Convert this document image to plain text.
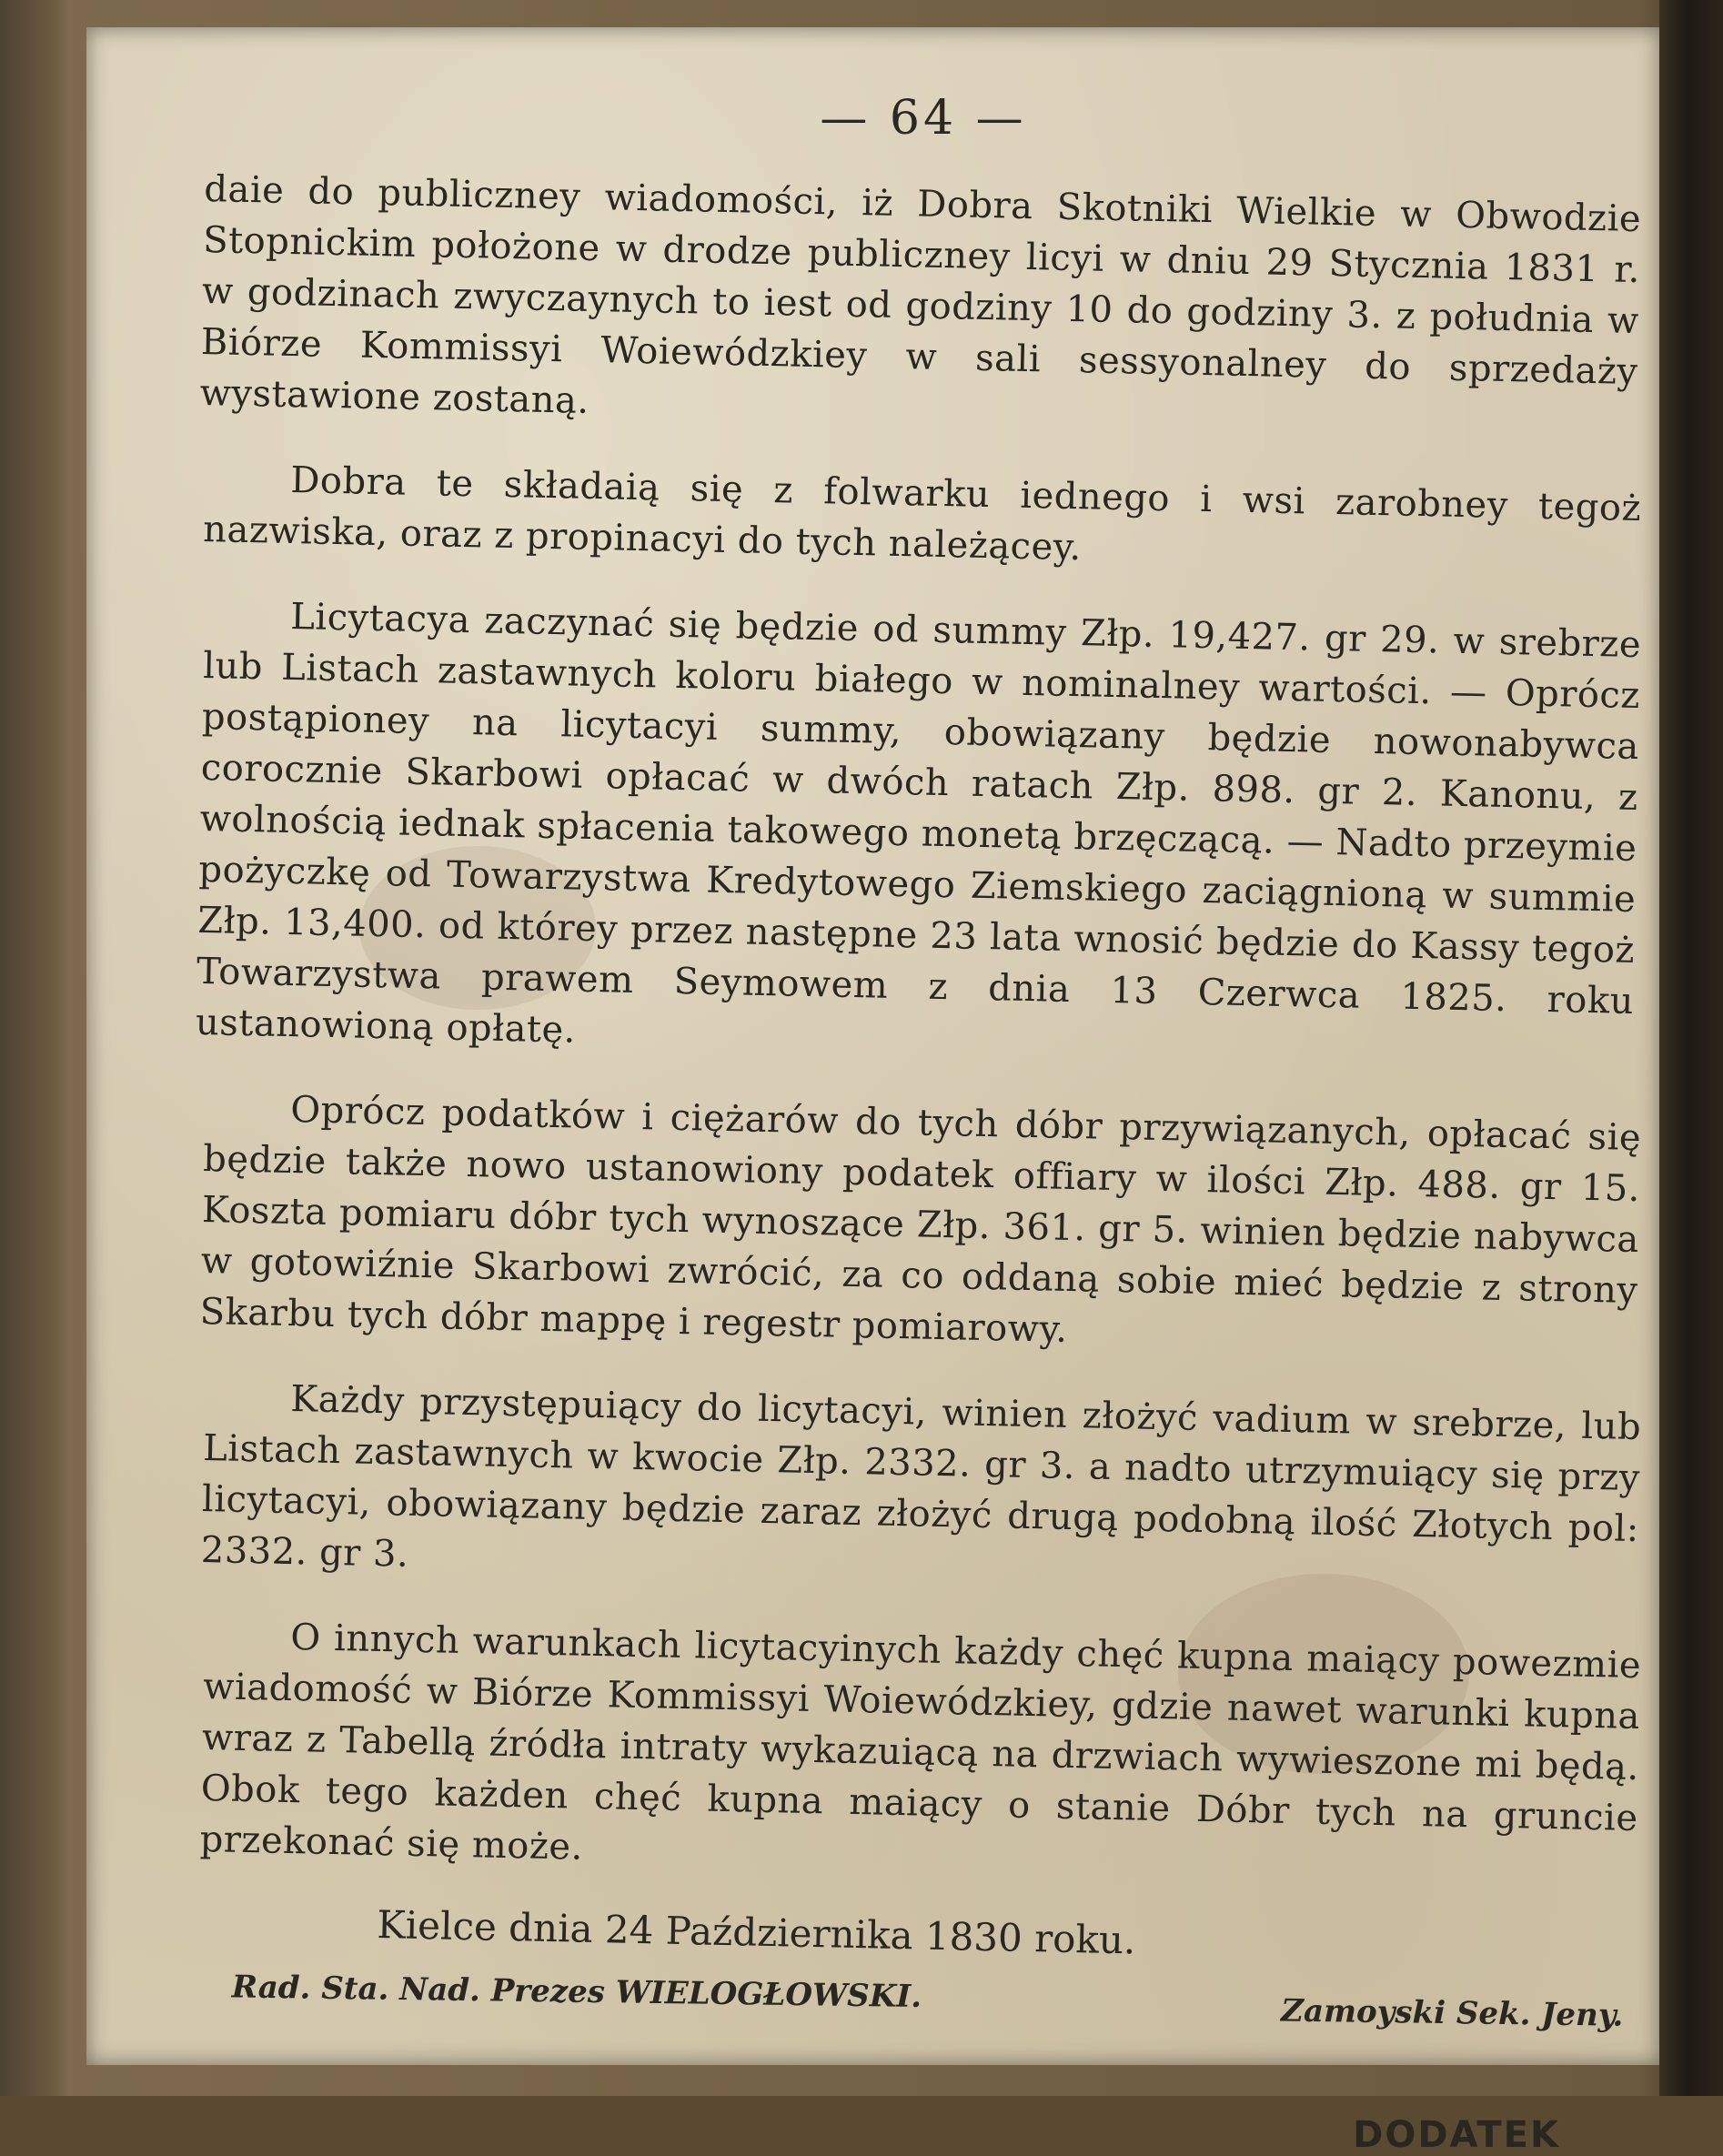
— 64 —

daie do publiczney wiadomości, iż Dobra Skotniki Wielkie w Obwodzie Stopnickim położone w drodze publiczney licyi w dniu 29 Stycznia 1831 r. w godzinach zwyczaynych to iest od godziny 10 do godziny 3. z południa w Biórze Kommissyi Woiewódzkiey w sali sessyonalney do sprzedaży wystawione zostaną.

Dobra te składaią się z folwarku iednego i wsi zarobney tegoż nazwiska, oraz z propinacyi do tych należącey.

Licytacya zaczynać się będzie od summy Złp. 19,427. gr 29. w srebrze lub Listach zastawnych koloru białego w nominalney wartości. — Oprócz postąpioney na licytacyi summy, obowiązany będzie nowonabywca corocznie Skarbowi opłacać w dwóch ratach Złp. 898. gr 2. Kanonu, z wolnością iednak spłacenia takowego monetą brzęczącą. — Nadto przeymie pożyczkę od Towarzystwa Kredytowego Ziemskiego zaciągnioną w summie Złp. 13,400. od którey przez następne 23 lata wnosić będzie do Kassy tegoż Towarzystwa prawem Seymowem z dnia 13 Czerwca 1825. roku ustanowioną opłatę.

Oprócz podatków i ciężarów do tych dóbr przywiązanych, opłacać się będzie także nowo ustanowiony podatek offiary w ilości Złp. 488. gr 15. Koszta pomiaru dóbr tych wynoszące Złp. 361. gr 5. winien będzie nabywca w gotowiźnie Skarbowi zwrócić, za co oddaną sobie mieć będzie z strony Skarbu tych dóbr mappę i regestr pomiarowy.

Każdy przystępuiący do licytacyi, winien złożyć vadium w srebrze, lub Listach zastawnych w kwocie Złp. 2332. gr 3. a nadto utrzymuiący się przy licytacyi, obowiązany będzie zaraz złożyć drugą podobną ilość Złotych pol: 2332. gr 3.

O innych warunkach licytacyinych każdy chęć kupna maiący powezmie wiadomość w Biórze Kommissyi Woiewódzkiey, gdzie nawet warunki kupna wraz z Tabellą źródła intraty wykazuiącą na drzwiach wywieszone mi będą. Obok tego każden chęć kupna maiący o stanie Dóbr tych na gruncie przekonać się może.

Kielce dnia 24 Października 1830 roku.
Rad. Sta. Nad. Prezes WIELOGŁOWSKI.	Zamoyski Sek. Jeny.
DODATEK
